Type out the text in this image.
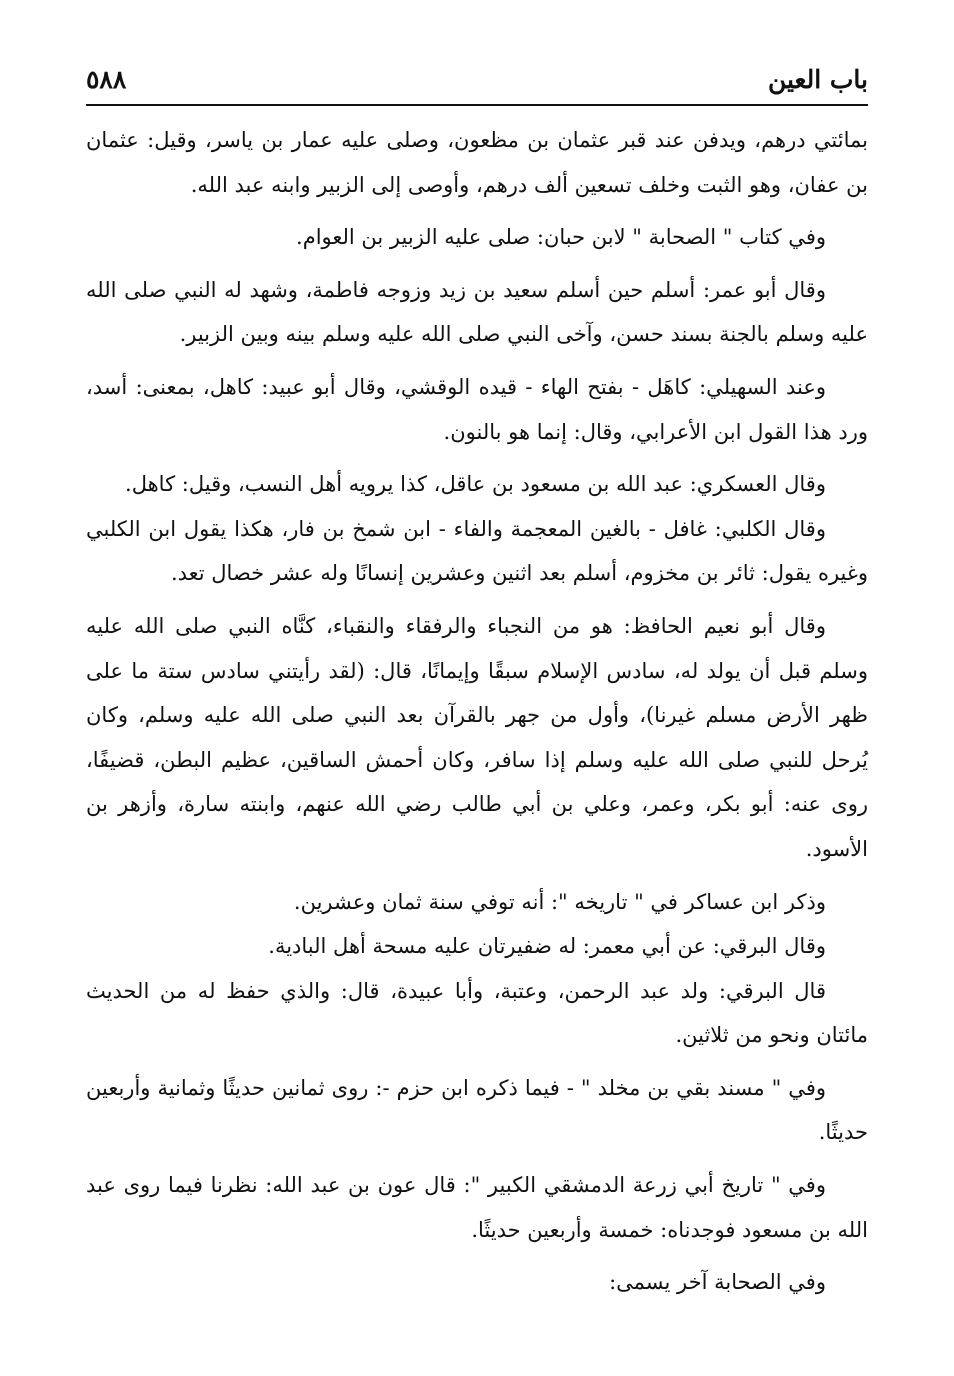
باب العين
٥٨٨

بمائتي درهم، ويدفن عند قبر عثمان بن مظعون، وصلى عليه عمار بن ياسر، وقيل: عثمان بن عفان، وهو الثبت وخلف تسعين ألف درهم، وأوصى إلى الزبير وابنه عبد الله.

وفي كتاب " الصحابة " لابن حبان: صلى عليه الزبير بن العوام.

وقال أبو عمر: أسلم حين أسلم سعيد بن زيد وزوجه فاطمة، وشهد له النبي صلى الله عليه وسلم بالجنة بسند حسن، وآخى النبي صلى الله عليه وسلم بينه وبين الزبير.

وعند السهيلي: كاهَل - بفتح الهاء - قيده الوقشي، وقال أبو عبيد: كاهل، بمعنى: أسد، ورد هذا القول ابن الأعرابي، وقال: إنما هو بالنون.

وقال العسكري: عبد الله بن مسعود بن عاقل، كذا يرويه أهل النسب، وقيل: كاهل.

وقال الكلبي: غافل - بالغين المعجمة والفاء - ابن شمخ بن فار، هكذا يقول ابن الكلبي وغيره يقول: ثائر بن مخزوم، أسلم بعد اثنين وعشرين إنسانًا وله عشر خصال تعد.

وقال أبو نعيم الحافظ: هو من النجباء والرفقاء والنقباء، كنَّاه النبي صلى الله عليه وسلم قبل أن يولد له، سادس الإسلام سبقًا وإيمانًا، قال: (لقد رأيتني سادس ستة ما على ظهر الأرض مسلم غيرنا)، وأول من جهر بالقرآن بعد النبي صلى الله عليه وسلم، وكان يُرحل للنبي صلى الله عليه وسلم إذا سافر، وكان أحمش الساقين، عظيم البطن، قضيفًا، روى عنه: أبو بكر، وعمر، وعلي بن أبي طالب رضي الله عنهم، وابنته سارة، وأزهر بن الأسود.

وذكر ابن عساكر في " تاريخه ": أنه توفي سنة ثمان وعشرين.

وقال البرقي: عن أبي معمر: له ضفيرتان عليه مسحة أهل البادية.

قال البرقي: ولد عبد الرحمن، وعتبة، وأبا عبيدة، قال: والذي حفظ له من الحديث مائتان ونحو من ثلاثين.

وفي " مسند بقي بن مخلد " - فيما ذكره ابن حزم -: روى ثمانين حديثًا وثمانية وأربعين حديثًا.

وفي " تاريخ أبي زرعة الدمشقي الكبير ": قال عون بن عبد الله: نظرنا فيما روى عبد الله بن مسعود فوجدناه: خمسة وأربعين حديثًا.

وفي الصحابة آخر يسمى:
